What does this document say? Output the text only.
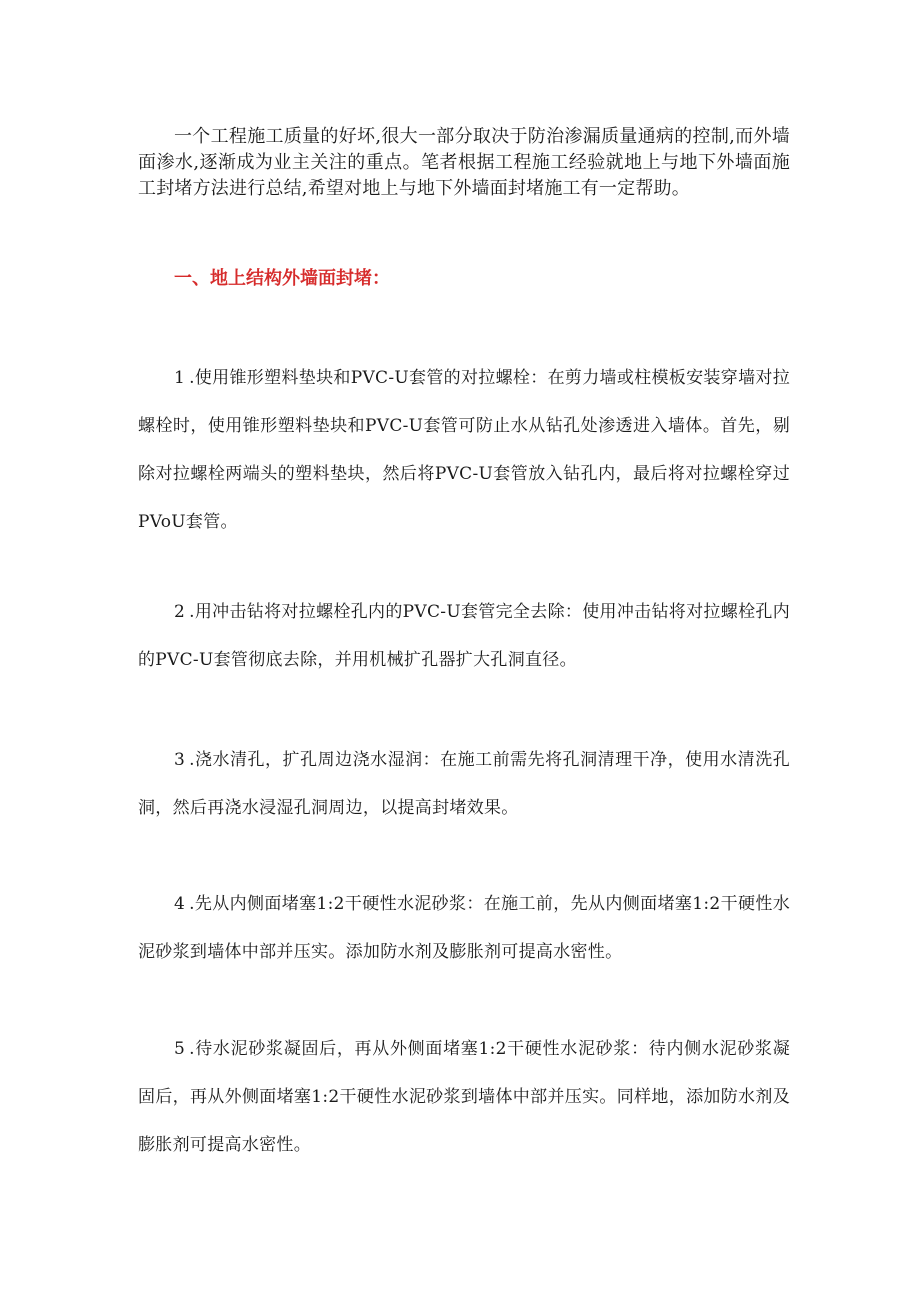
一个工程施工质量的好坏,很大一部分取决于防治渗漏质量通病的控制,而外墙面渗水,逐渐成为业主关注的重点。笔者根据工程施工经验就地上与地下外墙面施工封堵方法进行总结,希望对地上与地下外墙面封堵施工有一定帮助。

一、地上结构外墙面封堵：

1 .使用锥形塑料垫块和PVC-U套管的对拉螺栓：在剪力墙或柱模板安装穿墙对拉螺栓时，使用锥形塑料垫块和PVC-U套管可防止水从钻孔处渗透进入墙体。首先，剔除对拉螺栓两端头的塑料垫块，然后将PVC-U套管放入钻孔内，最后将对拉螺栓穿过PVoU套管。

2 .用冲击钻将对拉螺栓孔内的PVC-U套管完全去除：使用冲击钻将对拉螺栓孔内的PVC-U套管彻底去除，并用机械扩孔器扩大孔洞直径。

3 .浇水清孔，扩孔周边浇水湿润：在施工前需先将孔洞清理干净，使用水清洗孔洞，然后再浇水浸湿孔洞周边，以提高封堵效果。

4 .先从内侧面堵塞1:2干硬性水泥砂浆：在施工前，先从内侧面堵塞1:2干硬性水泥砂浆到墙体中部并压实。添加防水剂及膨胀剂可提高水密性。

5 .待水泥砂浆凝固后，再从外侧面堵塞1:2干硬性水泥砂浆：待内侧水泥砂浆凝固后，再从外侧面堵塞1:2干硬性水泥砂浆到墙体中部并压实。同样地，添加防水剂及膨胀剂可提高水密性。
